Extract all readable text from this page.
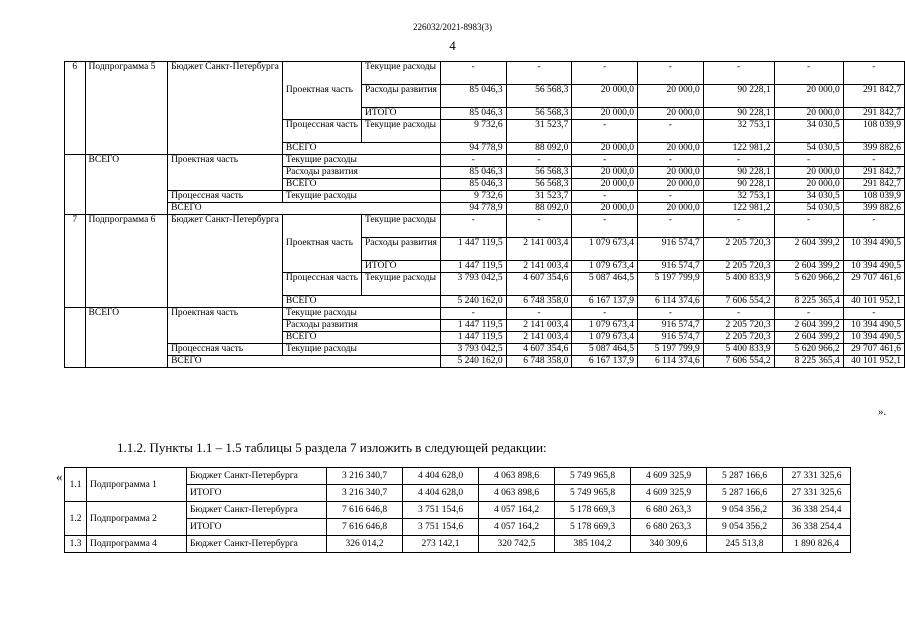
226032/2021-8983(3)
4
6	Подпрограмма 5	Бюджет Санкт-Петербурга	Проектная часть	Текущие расходы	-	-	-	-	-	-	-
				Расходы развития	85 046,3	56 568,3	20 000,0	20 000,0	90 228,1	20 000,0	291 842,7
				ИТОГО	85 046,3	56 568,3	20 000,0	20 000,0	90 228,1	20 000,0	291 842,7
			Процессная часть	Текущие расходы	9 732,6	31 523,7	-	-	32 753,1	34 030,5	108 039,9
			ВСЕГО		94 778,9	88 092,0	20 000,0	20 000,0	122 981,2	54 030,5	399 882,6
	ВСЕГО	Проектная часть	Текущие расходы		-	-	-	-	-	-	-
			Расходы развития		85 046,3	56 568,3	20 000,0	20 000,0	90 228,1	20 000,0	291 842,7
			ВСЕГО		85 046,3	56 568,3	20 000,0	20 000,0	90 228,1	20 000,0	291 842,7
		Процессная часть	Текущие расходы		9 732,6	31 523,7	-	-	32 753,1	34 030,5	108 039,9
		ВСЕГО			94 778,9	88 092,0	20 000,0	20 000,0	122 981,2	54 030,5	399 882,6
7	Подпрограмма 6	Бюджет Санкт-Петербурга	Проектная часть	Текущие расходы	-	-	-	-	-	-	-
				Расходы развития	1 447 119,5	2 141 003,4	1 079 673,4	916 574,7	2 205 720,3	2 604 399,2	10 394 490,5
				ИТОГО	1 447 119,5	2 141 003,4	1 079 673,4	916 574,7	2 205 720,3	2 604 399,2	10 394 490,5
			Процессная часть	Текущие расходы	3 793 042,5	4 607 354,6	5 087 464,5	5 197 799,9	5 400 833,9	5 620 966,2	29 707 461,6
			ВСЕГО		5 240 162,0	6 748 358,0	6 167 137,9	6 114 374,6	7 606 554,2	8 225 365,4	40 101 952,1
	ВСЕГО	Проектная часть	Текущие расходы		-	-	-	-	-	-	-
			Расходы развития		1 447 119,5	2 141 003,4	1 079 673,4	916 574,7	2 205 720,3	2 604 399,2	10 394 490,5
			ВСЕГО		1 447 119,5	2 141 003,4	1 079 673,4	916 574,7	2 205 720,3	2 604 399,2	10 394 490,5
		Процессная часть	Текущие расходы		3 793 042,5	4 607 354,6	5 087 464,5	5 197 799,9	5 400 833,9	5 620 966,2	29 707 461,6
		ВСЕГО			5 240 162,0	6 748 358,0	6 167 137,9	6 114 374,6	7 606 554,2	8 225 365,4	40 101 952,1
».
1.1.2. Пункты 1.1 – 1.5 таблицы 5 раздела 7 изложить в следующей редакции:
«
1.1	Подпрограмма 1	Бюджет Санкт-Петербурга	3 216 340,7	4 404 628,0	4 063 898,6	5 749 965,8	4 609 325,9	5 287 166,6	27 331 325,6
		ИТОГО	3 216 340,7	4 404 628,0	4 063 898,6	5 749 965,8	4 609 325,9	5 287 166,6	27 331 325,6
1.2	Подпрограмма 2	Бюджет Санкт-Петербурга	7 616 646,8	3 751 154,6	4 057 164,2	5 178 669,3	6 680 263,3	9 054 356,2	36 338 254,4
		ИТОГО	7 616 646,8	3 751 154,6	4 057 164,2	5 178 669,3	6 680 263,3	9 054 356,2	36 338 254,4
1.3	Подпрограмма 4	Бюджет Санкт-Петербурга	326 014,2	273 142,1	320 742,5	385 104,2	340 309,6	245 513,8	1 890 826,4
